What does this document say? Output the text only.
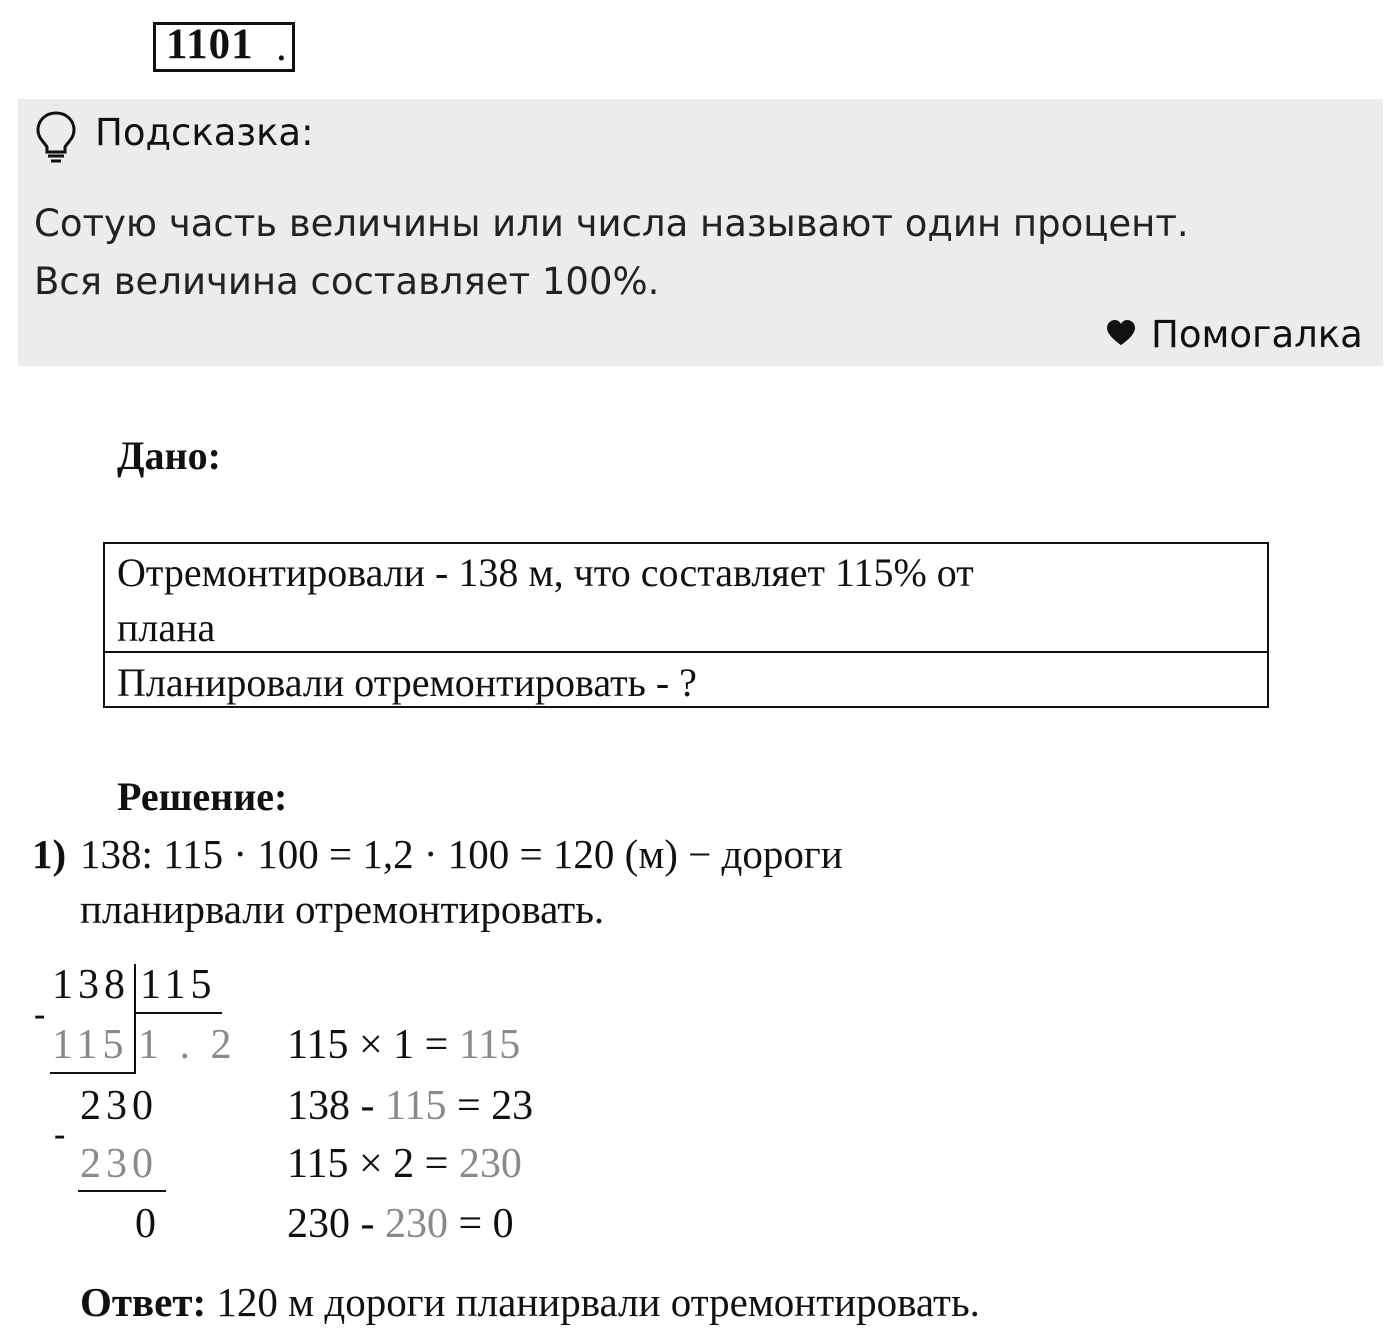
1101 .
Подсказка:
Сотую часть величины или числа называют один процент.
Вся величина составляет 100%.
Помогалка
Дано:
Отремонтировали - 138 м, что составляет 115% от
плана
Планировали отремонтировать - ?
Решение:
1) 138: 115 · 100 = 1,2 · 100 = 120 (м) − дороги
планирвали отремонтировать.
138 115
-
115 1 . 2
230
-
230
0
115 × 1 = 115
138 - 115 = 23
115 × 2 = 230
230 - 230 = 0
Ответ: 120 м дороги планирвали отремонтировать.
